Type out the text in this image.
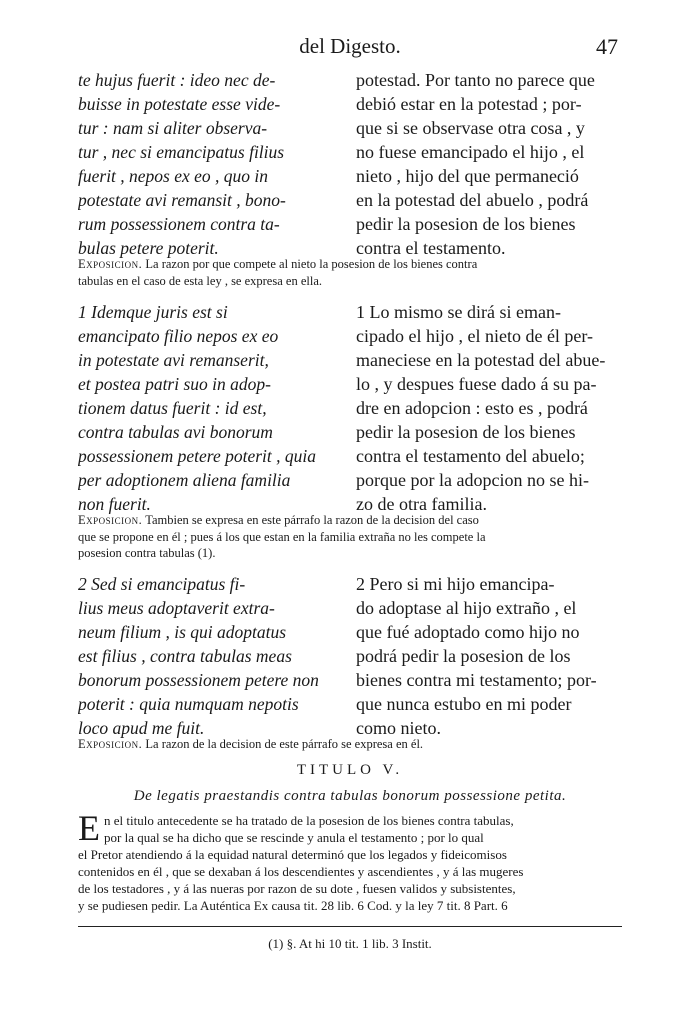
del Digesto.	47
te hujus fuerit : ideo nec de-
buisse in potestate esse vide-
tur : nam si aliter observa-
tur , nec si emancipatus filius
fuerit , nepos ex eo , quo in
potestate avi remansit , bono-
rum possessionem contra ta-
bulas petere poterit.
potestad. Por tanto no parece que
debió estar en la potestad ; por-
que si se observase otra cosa , y
no fuese emancipado el hijo , el
nieto , hijo del que permaneció
en la potestad del abuelo , podrá
pedir la posesion de los bienes
contra el testamento.
Exposicion. La razon por que compete al nieto la posesion de los bienes contra
tabulas en el caso de esta ley , se expresa en ella.
1 Idemque juris est si
emancipato filio nepos ex eo
in potestate avi remanserit,
et postea patri suo in adop-
tionem datus fuerit : id est,
contra tabulas avi bonorum
possessionem petere poterit , quia
per adoptionem aliena familia
non fuerit.
1 Lo mismo se dirá si eman-
cipado el hijo , el nieto de él per-
maneciese en la potestad del abue-
lo , y despues fuese dado á su pa-
dre en adopcion : esto es , podrá
pedir la posesion de los bienes
contra el testamento del abuelo;
porque por la adopcion no se hi-
zo de otra familia.
Exposicion. Tambien se expresa en este párrafo la razon de la decision del caso
que se propone en él ; pues á los que estan en la familia extraña no les compete la
posesion contra tabulas (1).
2 Sed si emancipatus fi-
lius meus adoptaverit extra-
neum filium , is qui adoptatus
est filius , contra tabulas meas
bonorum possessionem petere non
poterit : quia numquam nepotis
loco apud me fuit.
2 Pero si mi hijo emancipa-
do adoptase al hijo extraño , el
que fué adoptado como hijo no
podrá pedir la posesion de los
bienes contra mi testamento; por-
que nunca estubo en mi poder
como nieto.
Exposicion. La razon de la decision de este párrafo se expresa en él.
TITULO V.
De legatis praestandis contra tabulas bonorum possessione petita.
E n el titulo antecedente se ha tratado de la posesion de los bienes contra tabulas,
por la qual se ha dicho que se rescinde y anula el testamento ; por lo qual
el Pretor atendiendo á la equidad natural determinó que los legados y fideicomisos
contenidos en él , que se dexaban á los descendientes y ascendientes , y á las mugeres
de los testadores , y á las nueras por razon de su dote , fuesen validos y subsistentes,
y se pudiesen pedir. La Auténtica Ex causa tit. 28 lib. 6 Cod. y la ley 7 tit. 8 Part. 6
(1) §. At hi 10 tit. 1 lib. 3 Instit.
